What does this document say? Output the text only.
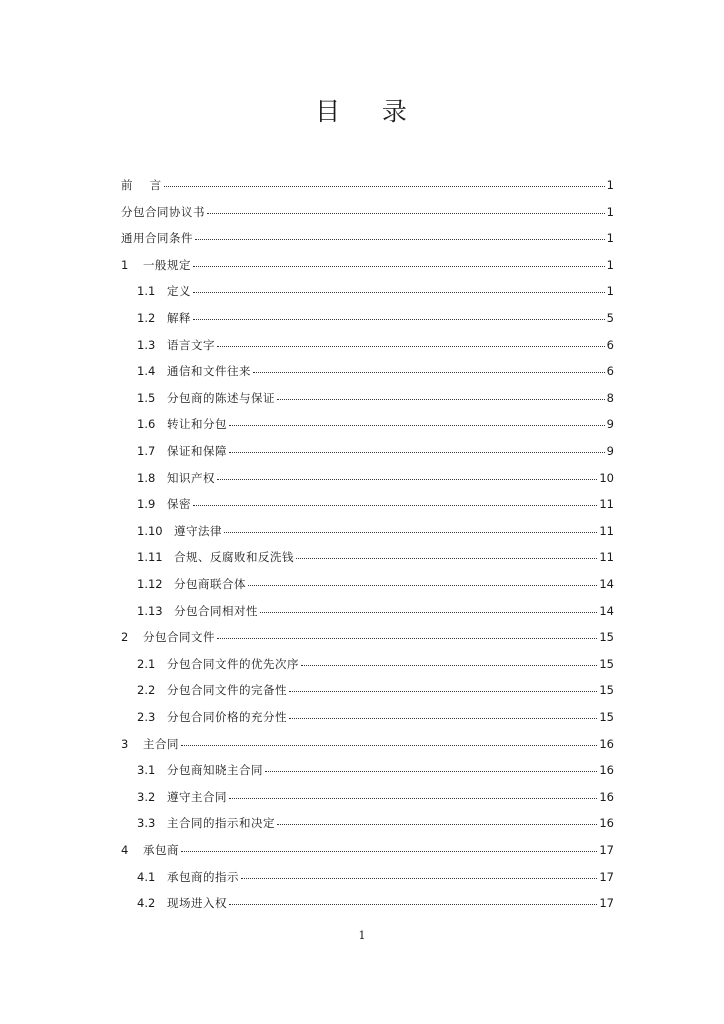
目    录
前    言	1
分包合同协议书	1
通用合同条件	1
1	一般规定	1
1.1	定义	1
1.2	解释	5
1.3	语言文字	6
1.4	通信和文件往来	6
1.5	分包商的陈述与保证	8
1.6	转让和分包	9
1.7	保证和保障	9
1.8	知识产权	10
1.9	保密	11
1.10 遵守法律	11
1.11 合规、反腐败和反洗钱	11
1.12 分包商联合体	14
1.13 分包合同相对性	14
2	分包合同文件	15
2.1	分包合同文件的优先次序	15
2.2	分包合同文件的完备性	15
2.3	分包合同价格的充分性	15
3	主合同	16
3.1	分包商知晓主合同	16
3.2	遵守主合同	16
3.3	主合同的指示和决定	16
4	承包商	17
4.1	承包商的指示	17
4.2	现场进入权	17
1
